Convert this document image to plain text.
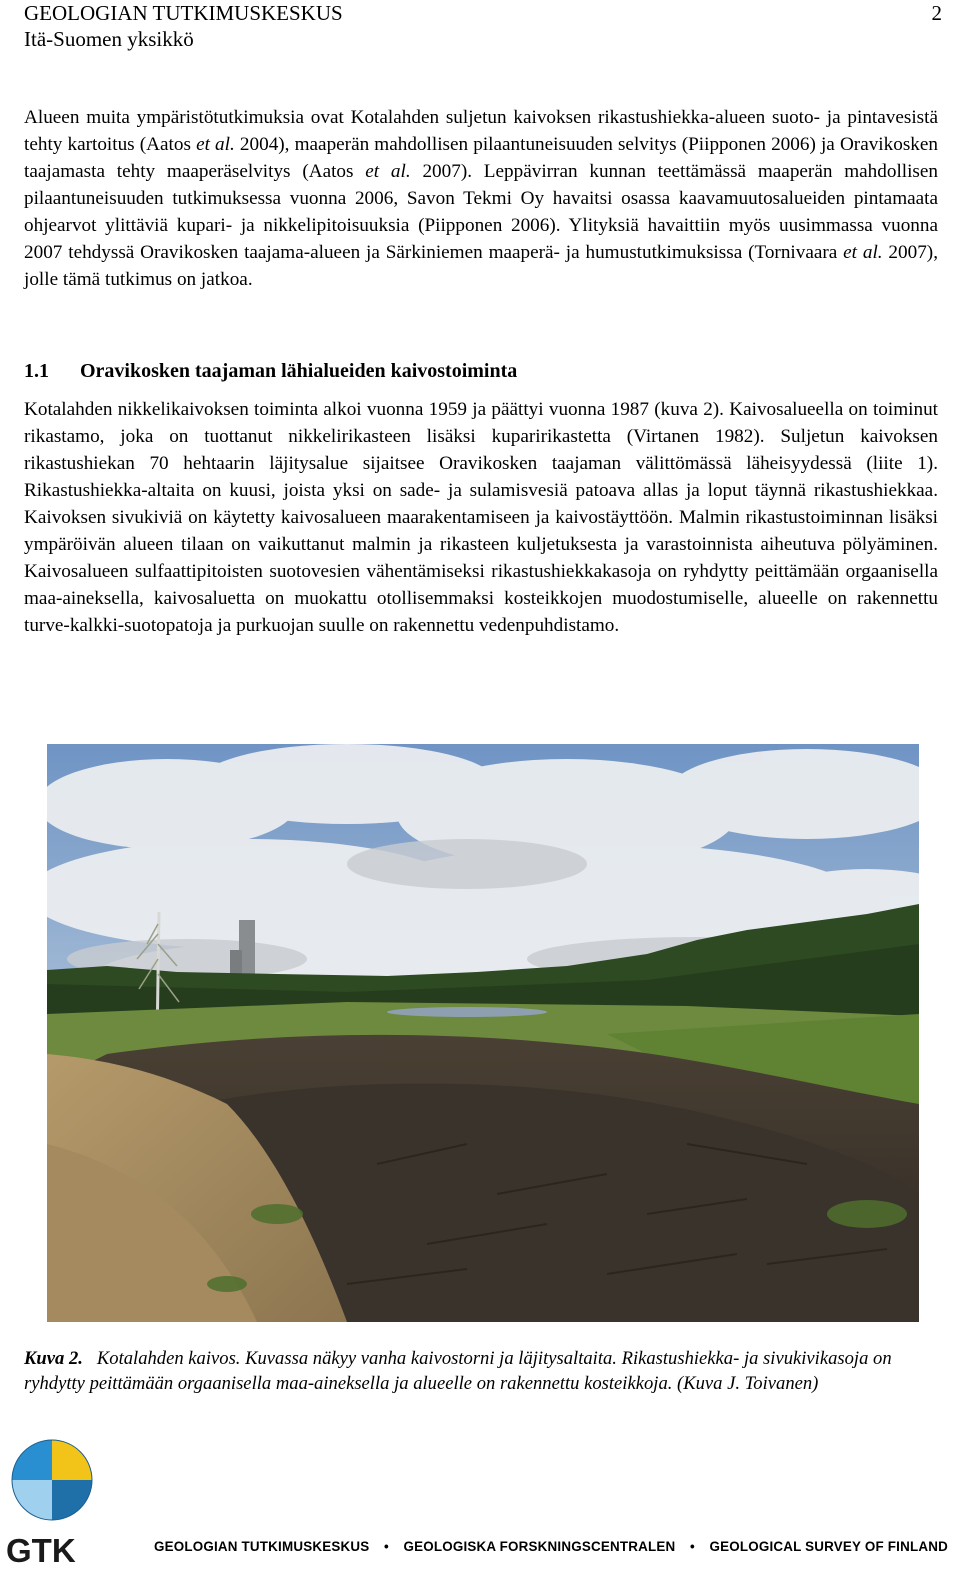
GEOLOGIAN TUTKIMUSKESKUS
Itä-Suomen yksikkö
2

Alueen muita ympäristötutkimuksia ovat Kotalahden suljetun kaivoksen rikastushiekka-alueen suoto- ja pintavesistä tehty kartoitus (Aatos et al. 2004), maaperän mahdollisen pilaantuneisuuden selvitys (Piipponen 2006) ja Oravikosken taajamasta tehty maaperäselvitys (Aatos et al. 2007). Leppävirran kunnan teettämässä maaperän mahdollisen pilaantuneisuuden tutkimuksessa vuonna 2006, Savon Tekmi Oy havaitsi osassa kaavamuutosalueiden pintamaata ohjearvot ylittäviä kupari- ja nikkelipitoisuuksia (Piipponen 2006). Ylityksiä havaittiin myös uusimmassa vuonna 2007 tehdyssä Oravikosken taajama-alueen ja Särkiniemen maaperä- ja humustutkimuksissa (Tornivaara et al. 2007), jolle tämä tutkimus on jatkoa.

1.1 Oravikosken taajaman lähialueiden kaivostoiminta

Kotalahden nikkelikaivoksen toiminta alkoi vuonna 1959 ja päättyi vuonna 1987 (kuva 2). Kaivosalueella on toiminut rikastamo, joka on tuottanut nikkelirikasteen lisäksi kuparirikastetta (Virtanen 1982). Suljetun kaivoksen rikastushiekan 70 hehtaarin läjitysalue sijaitsee Oravikosken taajaman välittömässä läheisyydessä (liite 1). Rikastushiekka-altaita on kuusi, joista yksi on sade- ja sulamisvesiä patoava allas ja loput täynnä rikastushiekkaa. Kaivoksen sivukiviä on käytetty kaivosalueen maarakentamiseen ja kaivostäyttöön. Malmin rikastustoiminnan lisäksi ympäröivän alueen tilaan on vaikuttanut malmin ja rikasteen kuljetuksesta ja varastoinnista aiheutuva pölyäminen. Kaivosalueen sulfaattipitoisten suotovesien vähentämiseksi rikastushiekkakasoja on ryhdytty peittämään orgaanisella maa-aineksella, kaivosaluetta on muokattu otollisemmaksi kosteikkojen muodostumiselle, alueelle on rakennettu turve-kalkki-suotopatoja ja purkuojan suulle on rakennettu vedenpuhdistamo.

Kuva 2. Kotalahden kaivos. Kuvassa näkyy vanha kaivostorni ja läjitysaltaita. Rikastushiekka- ja sivukivikasoja on ryhdytty peittämään orgaanisella maa-aineksella ja alueelle on rakennettu kosteikkoja. (Kuva J. Toivanen)

GTK	GEOLOGIAN TUTKIMUSKESKUS • GEOLOGISKA FORSKNINGSCENTRALEN • GEOLOGICAL SURVEY OF FINLAND
